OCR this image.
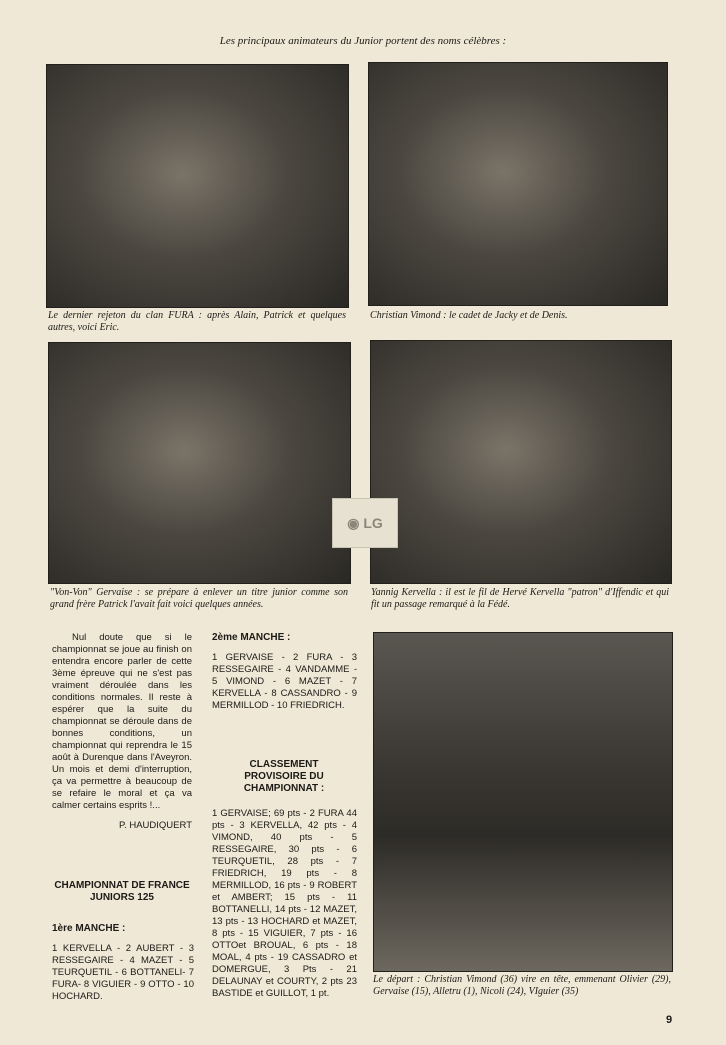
Les principaux animateurs du Junior portent des noms célèbres :
Le dernier rejeton du clan FURA : après Alain, Patrick et quelques autres, voici Eric.
Christian Vimond : le cadet de Jacky et de Denis.
"Von-Von" Gervaise : se prépare à enlever un titre junior comme son grand frère Patrick l'avait fait voici quelques années.
Yannig Kervella : il est le fil de Hervé Kervella "patron" d'Iffendic et qui fit un passage remarqué à la Fédé.
Le départ : Christian Vimond (36) vire en tête, emmenant Olivier (29), Gervaise (15), Alletru (1), Nicoli (24), VIguier (35)
◉ LG
Nul doute que si le championnat se joue au finish on entendra encore parler de cette 3ème épreuve qui ne s'est pas vraiment déroulée dans les conditions normales. Il reste à espérer que la suite du championnat se déroule dans de bonnes conditions, un championnat qui reprendra le 15 août à Durenque dans l'Aveyron. Un mois et demi d'interruption, ça va permettre à beaucoup de se refaire le moral et ça va calmer certains esprits !...
P. HAUDIQUERT
CHAMPIONNAT DE FRANCE JUNIORS 125
1ère MANCHE :
1 KERVELLA - 2 AUBERT - 3 RESSEGAIRE - 4 MAZET - 5 TEURQUETIL - 6 BOTTANELI- 7 FURA- 8 VIGUIER - 9 OTTO - 10 HOCHARD.
2ème MANCHE :
1 GERVAISE - 2 FURA - 3 RESSEGAIRE - 4 VANDAMME - 5 VIMOND - 6 MAZET - 7 KERVELLA - 8 CASSANDRO - 9 MERMILLOD - 10 FRIEDRICH.
CLASSEMENT PROVISOIRE DU CHAMPIONNAT :
1 GERVAISE; 69 pts - 2 FURA 44 pts - 3 KERVELLA, 42 pts - 4 VIMOND, 40 pts - 5 RESSEGAIRE, 30 pts - 6 TEURQUETIL, 28 pts - 7 FRIEDRICH, 19 pts - 8 MERMILLOD, 16 pts - 9 ROBERT et AMBERT; 15 pts - 11 BOTTANELLI, 14 pts - 12 MAZET, 13 pts - 13 HOCHARD et MAZET, 8 pts - 15 VIGUIER, 7 pts - 16 OTTOet BROUAL, 6 pts - 18 MOAL, 4 pts - 19 CASSADRO et DOMERGUE, 3 Pts - 21 DELAUNAY et COURTY, 2 pts 23 BASTIDE et GUILLOT, 1 pt.
9
